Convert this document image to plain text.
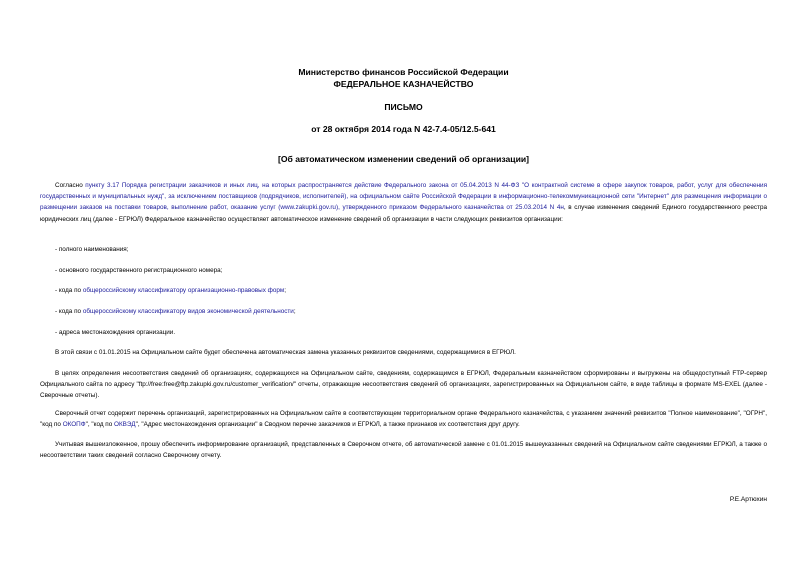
Министерство финансов Российской Федерации
ФЕДЕРАЛЬНОЕ КАЗНАЧЕЙСТВО
ПИСЬМО
от 28 октября 2014 года N 42-7.4-05/12.5-641
[Об автоматическом изменении сведений об организации]

Согласно пункту 3.17 Порядка регистрации заказчиков и иных лиц, на которых распространяется действие Федерального закона от 05.04.2013 N 44-ФЗ "О контрактной системе в сфере закупок товаров, работ, услуг для обеспечения государственных и муниципальных нужд", за исключением поставщиков (подрядчиков, исполнителей), на официальном сайте Российской Федерации в информационно-телекоммуникационной сети "Интернет" для размещения информации о размещении заказов на поставки товаров, выполнение работ, оказание услуг (www.zakupki.gov.ru), утвержденного приказом Федерального казначейства от 25.03.2014 N 4н, в случае изменения сведений Единого государственного реестра юридических лиц (далее - ЕГРЮЛ) Федеральное казначейство осуществляет автоматическое изменение сведений об организации в части следующих реквизитов организации:

- полного наименования;
- основного государственного регистрационного номера;
- кода по общероссийскому классификатору организационно-правовых форм;
- кода по общероссийскому классификатору видов экономической деятельности;
- адреса местонахождения организации.

В этой связи с 01.01.2015 на Официальном сайте будет обеспечена автоматическая замена указанных реквизитов сведениями, содержащимися в ЕГРЮЛ.

В целях определения несоответствия сведений об организациях, содержащихся на Официальном сайте, сведениям, содержащимся в ЕГРЮЛ, Федеральным казначейством сформированы и выгружены на общедоступный FTP-сервер Официального сайта по адресу "ftp://free:free@ftp.zakupki.gov.ru/customer_verification/" отчеты, отражающие несоответствия сведений об организациях, зарегистрированных на Официальном сайте, в виде таблицы в формате MS-EXEL (далее - Сверочные отчеты).

Сверочный отчет содержит перечень организаций, зарегистрированных на Официальном сайте в соответствующем территориальном органе Федерального казначейства, с указанием значений реквизитов "Полное наименование", "ОГРН", "код по ОКОПФ", "код по ОКВЭД", "Адрес местонахождения организации" в Сводном перечне заказчиков и ЕГРЮЛ, а также признаков их соответствия друг другу.

Учитывая вышеизложенное, прошу обеспечить информирование организаций, представленных в Сверочном отчете, об автоматической замене с 01.01.2015 вышеуказанных сведений на Официальном сайте сведениями ЕГРЮЛ, а также о несоответствии таких сведений согласно Сверочному отчету.

Р.Е.Артюхин
